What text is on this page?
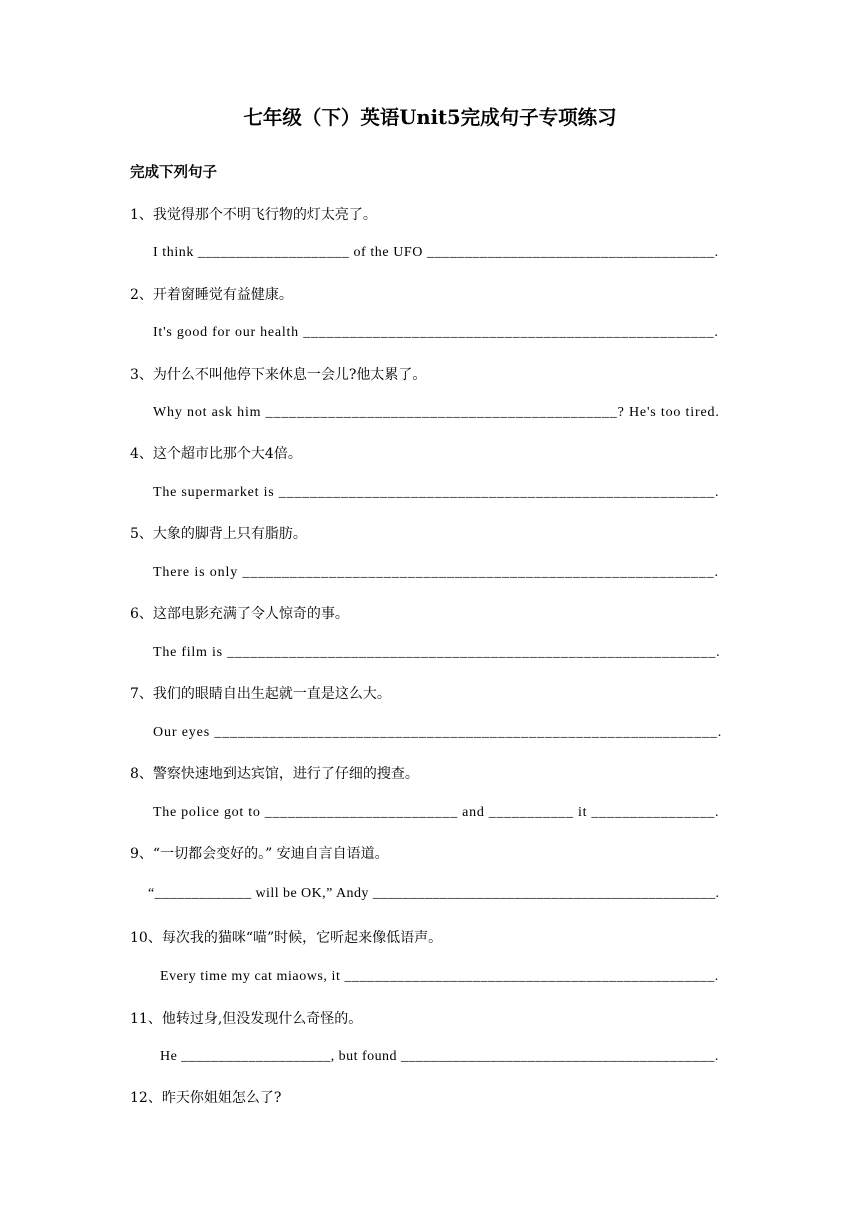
七年级（下）英语Unit5完成句子专项练习
完成下列句子
1、我觉得那个不明飞行物的灯太亮了。
I think ____________________ of the UFO ______________________________________.
2、开着窗睡觉有益健康。
It's good for our health _____________________________________________________.
3、为什么不叫他停下来休息一会儿?他太累了。
Why not ask him _____________________________________________? He's too tired.
4、这个超市比那个大4倍。
The supermarket is ________________________________________________________.
5、大象的脚背上只有脂肪。
There is only ____________________________________________________________.
6、这部电影充满了令人惊奇的事。
The film is _______________________________________________________________.
7、我们的眼睛自出生起就一直是这么大。
Our eyes ________________________________________________________________.
8、警察快速地到达宾馆，进行了仔细的搜查。
The police got to _________________________ and ___________ it ________________.
9、“一切都会变好的。” 安迪自言自语道。
“_____________ will be OK,” Andy ______________________________________________.
10、每次我的猫咪“喵”时候，它听起来像低语声。
Every time my cat miaows, it _________________________________________________.
11、他转过身,但没发现什么奇怪的。
He ____________________, but found __________________________________________.
12、昨天你姐姐怎么了?
